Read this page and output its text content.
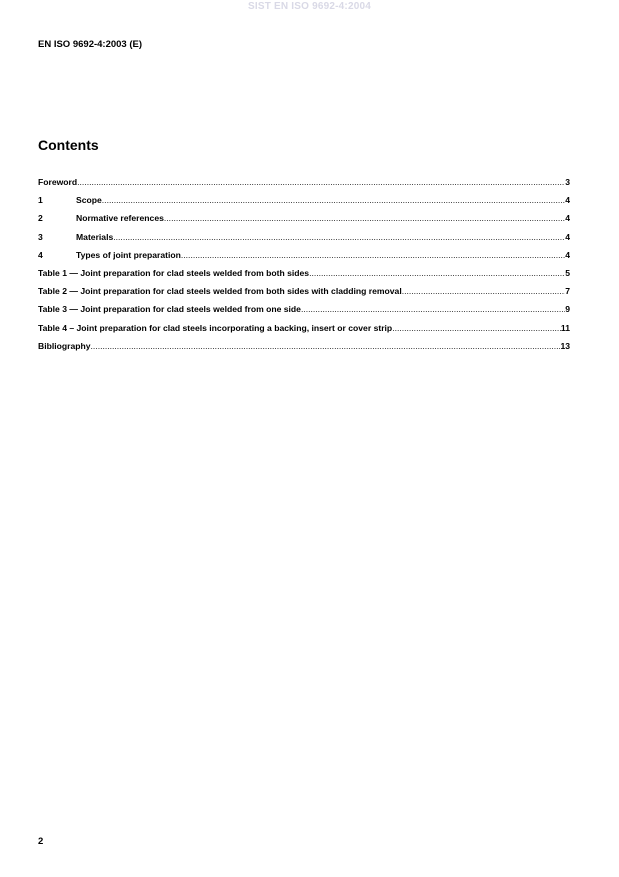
SIST EN ISO 9692-4:2004
EN ISO 9692-4:2003 (E)
Contents
Foreword .....	3
1	Scope .....	4
2	Normative references .....	4
3	Materials .....	4
4	Types of joint preparation .....	4
Table 1 — Joint preparation for clad steels welded from both sides .....	5
Table 2 — Joint preparation for clad steels welded from both sides with cladding removal .....	7
Table 3 — Joint preparation for clad steels welded from one side .....	9
Table 4 – Joint preparation for clad steels incorporating a backing, insert or cover strip .....	11
Bibliography .....	13
2
